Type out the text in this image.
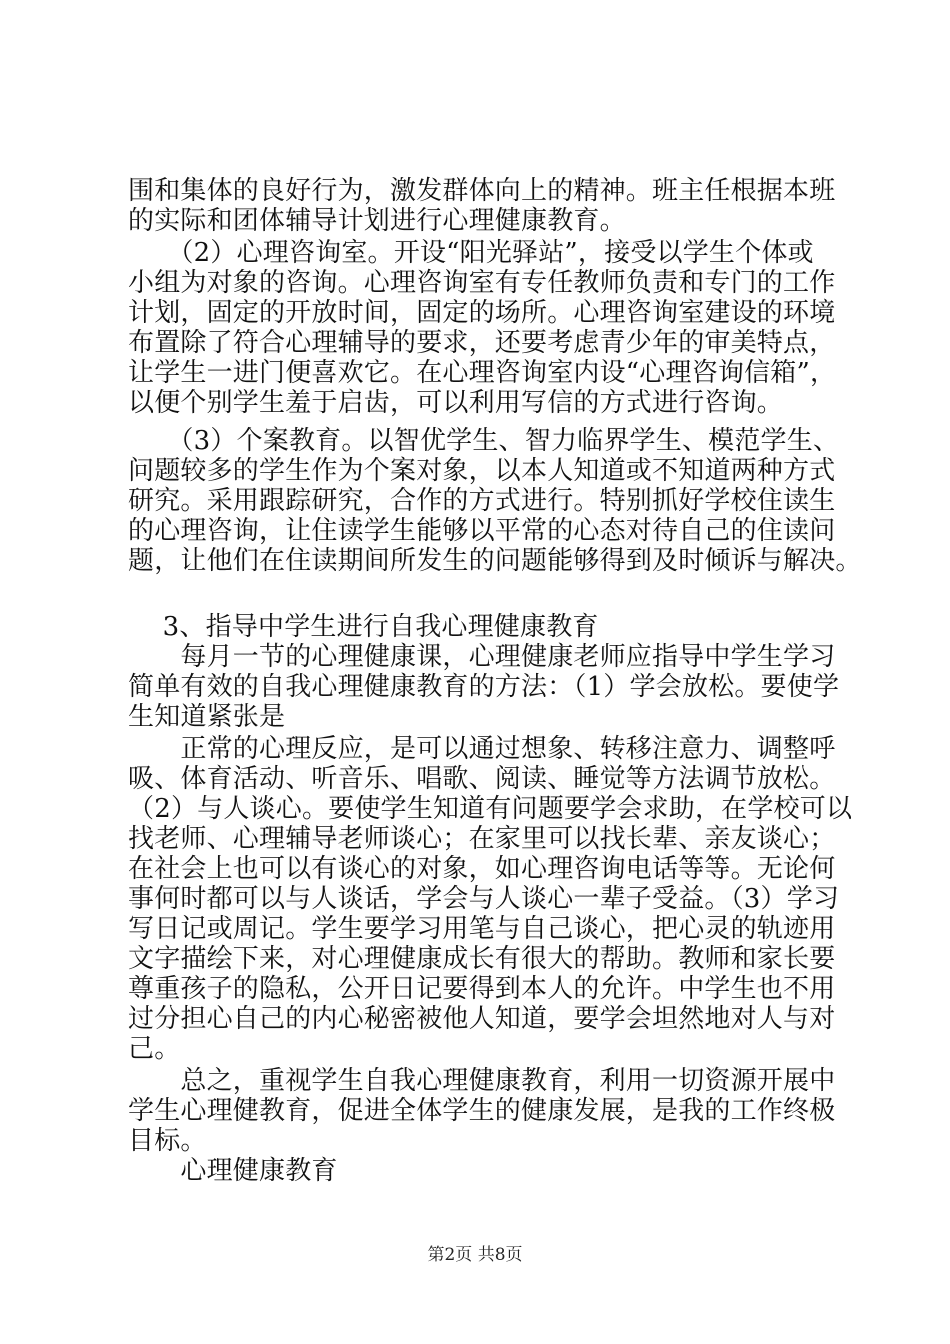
围和集体的良好行为，激发群体向上的精神。班主任根据本班
的实际和团体辅导计划进行心理健康教育。
　　（2）心理咨询室。开设“阳光驿站”，接受以学生个体或
小组为对象的咨询。心理咨询室有专任教师负责和专门的工作
计划，固定的开放时间，固定的场所。心理咨询室建设的环境
布置除了符合心理辅导的要求，还要考虑青少年的审美特点，
让学生一进门便喜欢它。在心理咨询室内设“心理咨询信箱”，
以便个别学生羞于启齿，可以利用写信的方式进行咨询。
　　（3）个案教育。以智优学生、智力临界学生、模范学生、
问题较多的学生作为个案对象，以本人知道或不知道两种方式
研究。采用跟踪研究，合作的方式进行。特别抓好学校住读生
的心理咨询，让住读学生能够以平常的心态对待自己的住读问
题，让他们在住读期间所发生的问题能够得到及时倾诉与解决。
　 3、指导中学生进行自我心理健康教育
　　每月一节的心理健康课，心理健康老师应指导中学生学习
简单有效的自我心理健康教育的方法：（1）学会放松。要使学
生知道紧张是
　　正常的心理反应，是可以通过想象、转移注意力、调整呼
吸、体育活动、听音乐、唱歌、阅读、睡觉等方法调节放松。
（2）与人谈心。要使学生知道有问题要学会求助，在学校可以
找老师、心理辅导老师谈心；在家里可以找长辈、亲友谈心；
在社会上也可以有谈心的对象，如心理咨询电话等等。无论何
事何时都可以与人谈话，学会与人谈心一辈子受益。（3）学习
写日记或周记。学生要学习用笔与自己谈心，把心灵的轨迹用
文字描绘下来，对心理健康成长有很大的帮助。教师和家长要
尊重孩子的隐私，公开日记要得到本人的允许。中学生也不用
过分担心自己的内心秘密被他人知道，要学会坦然地对人与对
己。
　　总之，重视学生自我心理健康教育，利用一切资源开展中
学生心理健教育，促进全体学生的健康发展，是我的工作终极
目标。
　　心理健康教育
第2页 共8页
